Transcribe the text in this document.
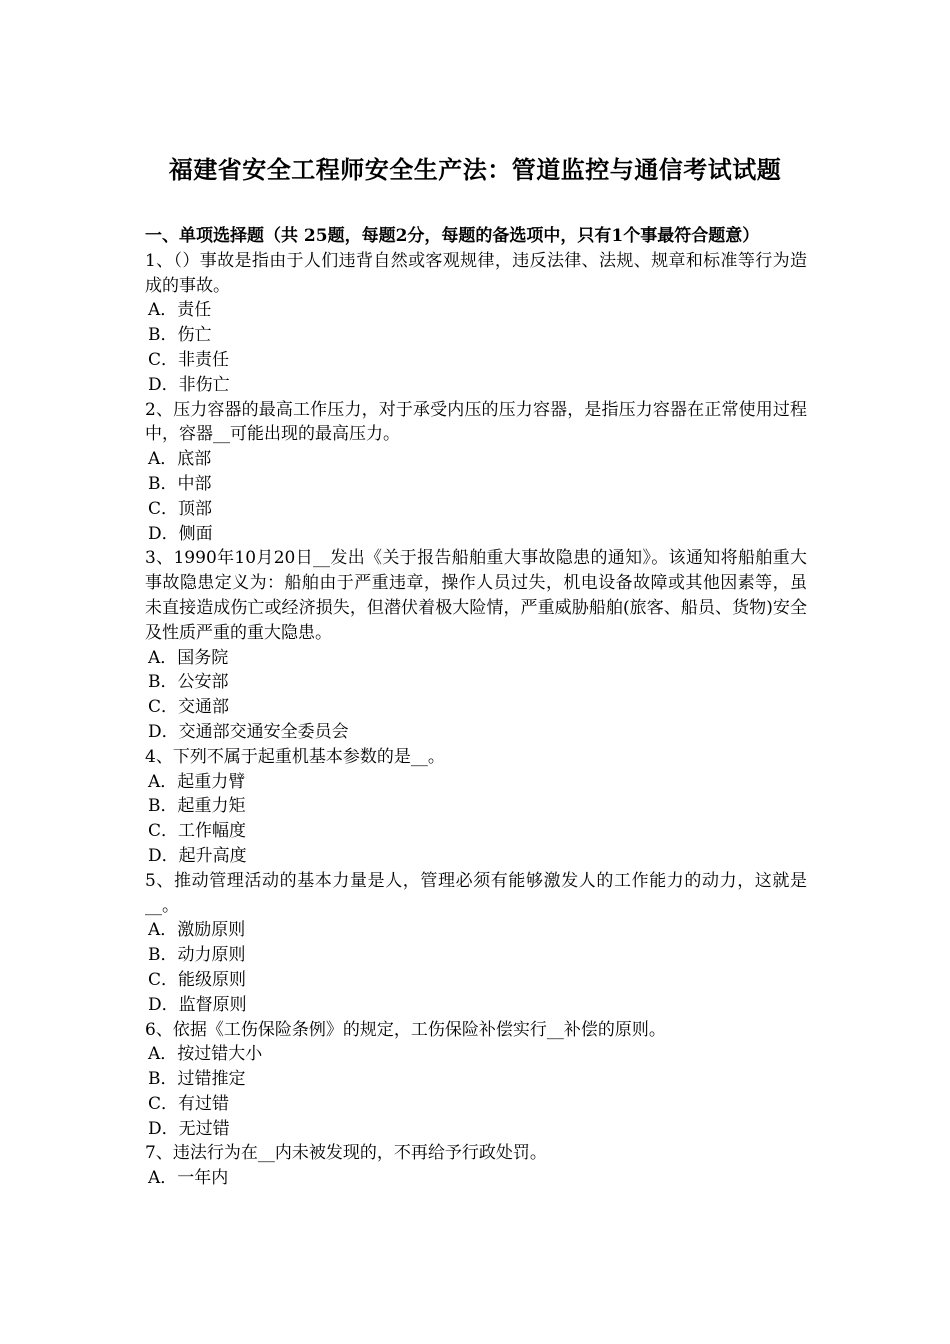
福建省安全工程师安全生产法：管道监控与通信考试试题

一、单项选择题（共 25题，每题2分，每题的备选项中，只有1个事最符合题意）

1、（）事故是指由于人们违背自然或客观规律，违反法律、法规、规章和标准等行为造成的事故。

A．责任

B．伤亡

C．非责任

D．非伤亡

2、压力容器的最高工作压力，对于承受内压的压力容器，是指压力容器在正常使用过程中，容器__可能出现的最高压力。

A．底部

B．中部

C．顶部

D．侧面

3、1990年10月20日__发出《关于报告船舶重大事故隐患的通知》。该通知将船舶重大事故隐患定义为：船舶由于严重违章，操作人员过失，机电设备故障或其他因素等，虽未直接造成伤亡或经济损失，但潜伏着极大险情，严重威胁船舶(旅客、船员、货物)安全及性质严重的重大隐患。

A．国务院

B．公安部

C．交通部

D．交通部交通安全委员会

4、下列不属于起重机基本参数的是__。

A．起重力臂

B．起重力矩

C．工作幅度

D．起升高度

5、推动管理活动的基本力量是人，管理必须有能够激发人的工作能力的动力，这就是__。

A．激励原则

B．动力原则

C．能级原则

D．监督原则

6、依据《工伤保险条例》的规定，工伤保险补偿实行__补偿的原则。

A．按过错大小

B．过错推定

C．有过错

D．无过错

7、违法行为在__内未被发现的，不再给予行政处罚。

A．一年内
